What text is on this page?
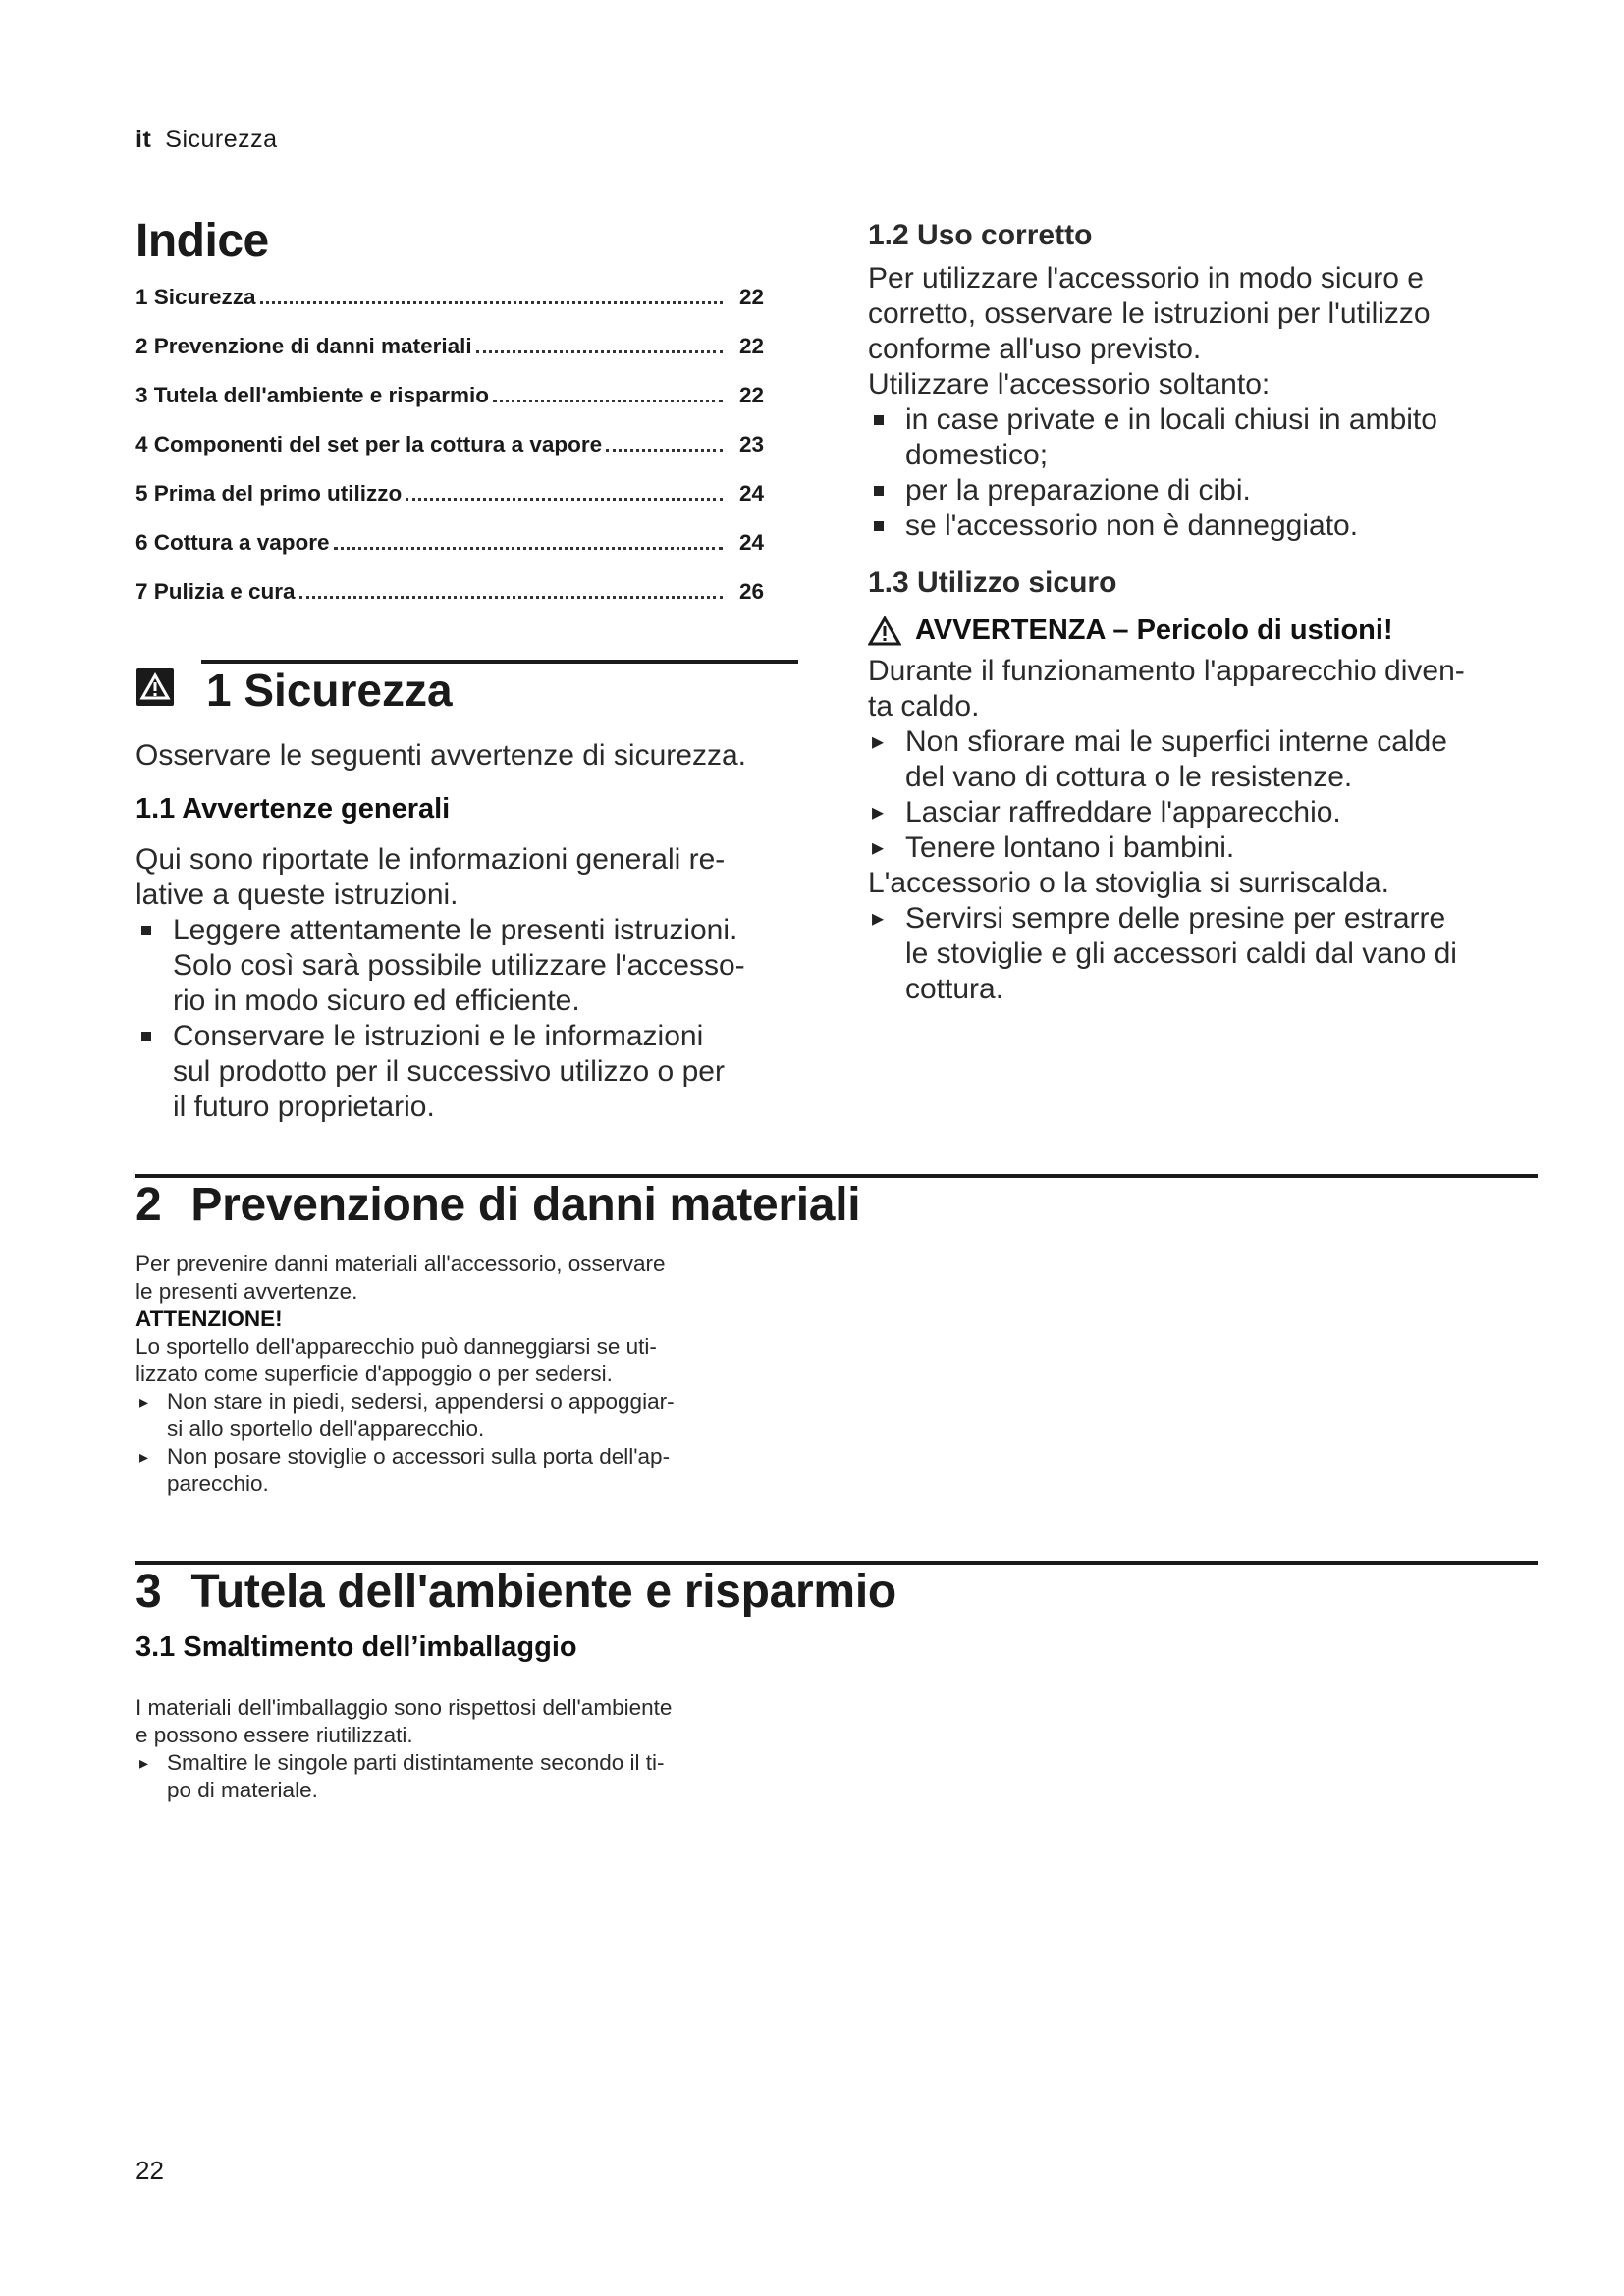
it Sicurezza
Indice
1 Sicurezza	22
2 Prevenzione di danni materiali	22
3 Tutela dell'ambiente e risparmio	22
4 Componenti del set per la cottura a vapore	23
5 Prima del primo utilizzo	24
6 Cottura a vapore	24
7 Pulizia e cura	26
1 Sicurezza
Osservare le seguenti avvertenze di sicurezza.
1.1 Avvertenze generali
Qui sono riportate le informazioni generali re-
lative a queste istruzioni.
Leggere attentamente le presenti istruzioni.
Solo così sarà possibile utilizzare l'accesso-
rio in modo sicuro ed efficiente.
Conservare le istruzioni e le informazioni
sul prodotto per il successivo utilizzo o per
il futuro proprietario.
1.2 Uso corretto
Per utilizzare l'accessorio in modo sicuro e
corretto, osservare le istruzioni per l'utilizzo
conforme all'uso previsto.
Utilizzare l'accessorio soltanto:
in case private e in locali chiusi in ambito
domestico;
per la preparazione di cibi.
se l'accessorio non è danneggiato.
1.3 Utilizzo sicuro
AVVERTENZA – Pericolo di ustioni!
Durante il funzionamento l'apparecchio diven-
ta caldo.
▸ Non sfiorare mai le superfici interne calde
del vano di cottura o le resistenze.
▸ Lasciar raffreddare l'apparecchio.
▸ Tenere lontano i bambini.
L'accessorio o la stoviglia si surriscalda.
▸ Servirsi sempre delle presine per estrarre
le stoviglie e gli accessori caldi dal vano di
cottura.
2 Prevenzione di danni materiali
Per prevenire danni materiali all'accessorio, osservare
le presenti avvertenze.
ATTENZIONE!
Lo sportello dell'apparecchio può danneggiarsi se uti-
lizzato come superficie d'appoggio o per sedersi.
▸ Non stare in piedi, sedersi, appendersi o appoggiar-
si allo sportello dell'apparecchio.
▸ Non posare stoviglie o accessori sulla porta dell'ap-
parecchio.
3 Tutela dell'ambiente e risparmio
3.1 Smaltimento dell’imballaggio
I materiali dell'imballaggio sono rispettosi dell'ambiente
e possono essere riutilizzati.
▸ Smaltire le singole parti distintamente secondo il ti-
po di materiale.
22
